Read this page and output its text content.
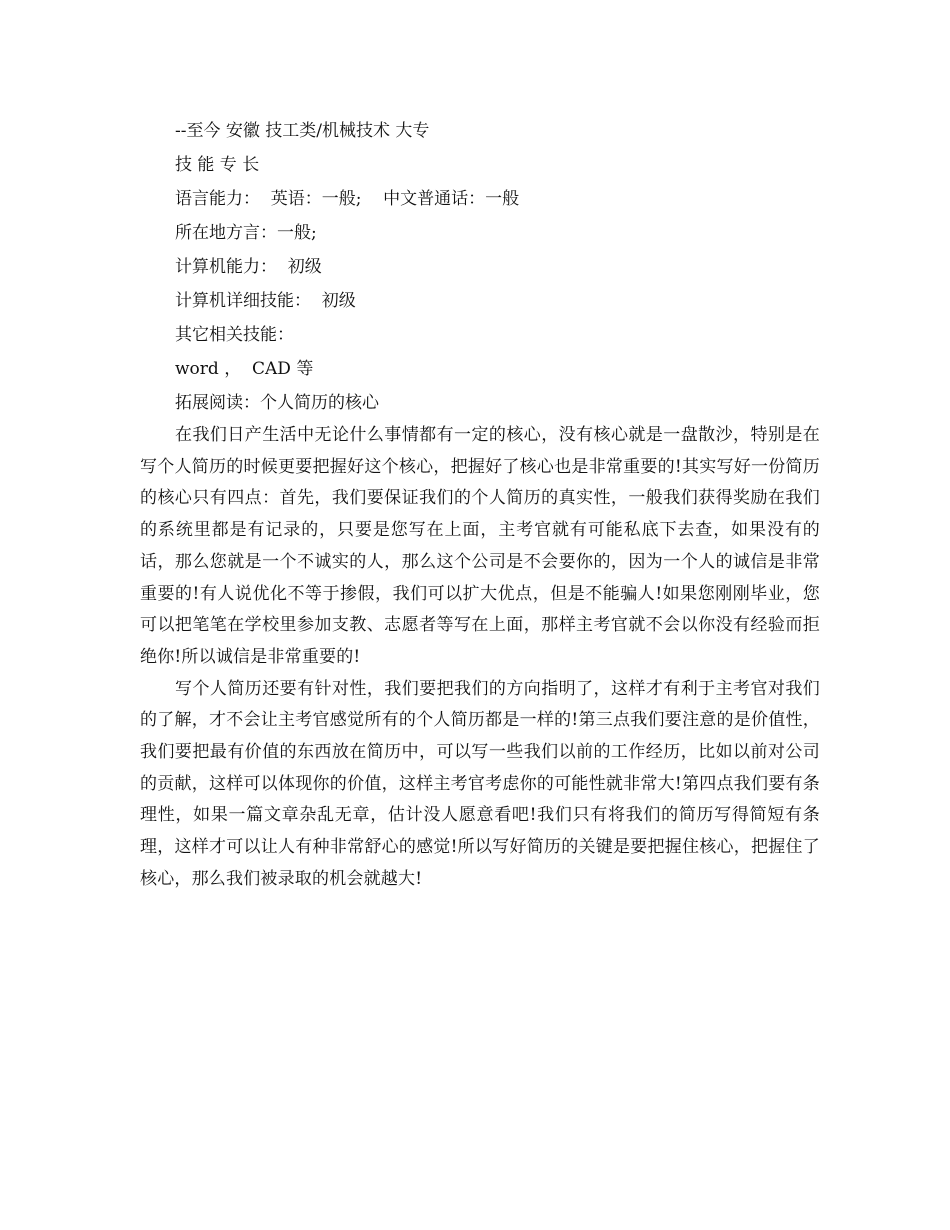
--至今 安徽 技工类/机械技术 大专
技 能 专 长
语言能力：  英语：一般;    中文普通话：一般
所在地方言：一般;
计算机能力：  初级
计算机详细技能：  初级
其它相关技能：
word ，  CAD 等
拓展阅读：个人简历的核心

在我们日产生活中无论什么事情都有一定的核心，没有核心就是一盘散沙，特别是在写个人简历的时候更要把握好这个核心，把握好了核心也是非常重要的!其实写好一份简历的核心只有四点：首先，我们要保证我们的个人简历的真实性，一般我们获得奖励在我们的系统里都是有记录的，只要是您写在上面，主考官就有可能私底下去查，如果没有的话，那么您就是一个不诚实的人，那么这个公司是不会要你的，因为一个人的诚信是非常重要的!有人说优化不等于掺假，我们可以扩大优点，但是不能骗人!如果您刚刚毕业，您可以把笔笔在学校里参加支教、志愿者等写在上面，那样主考官就不会以你没有经验而拒绝你!所以诚信是非常重要的!

写个人简历还要有针对性，我们要把我们的方向指明了，这样才有利于主考官对我们的了解，才不会让主考官感觉所有的个人简历都是一样的!第三点我们要注意的是价值性，我们要把最有价值的东西放在简历中，可以写一些我们以前的工作经历，比如以前对公司的贡献，这样可以体现你的价值，这样主考官考虑你的可能性就非常大!第四点我们要有条理性，如果一篇文章杂乱无章，估计没人愿意看吧!我们只有将我们的简历写得简短有条理，这样才可以让人有种非常舒心的感觉!所以写好简历的关键是要把握住核心，把握住了核心，那么我们被录取的机会就越大!
